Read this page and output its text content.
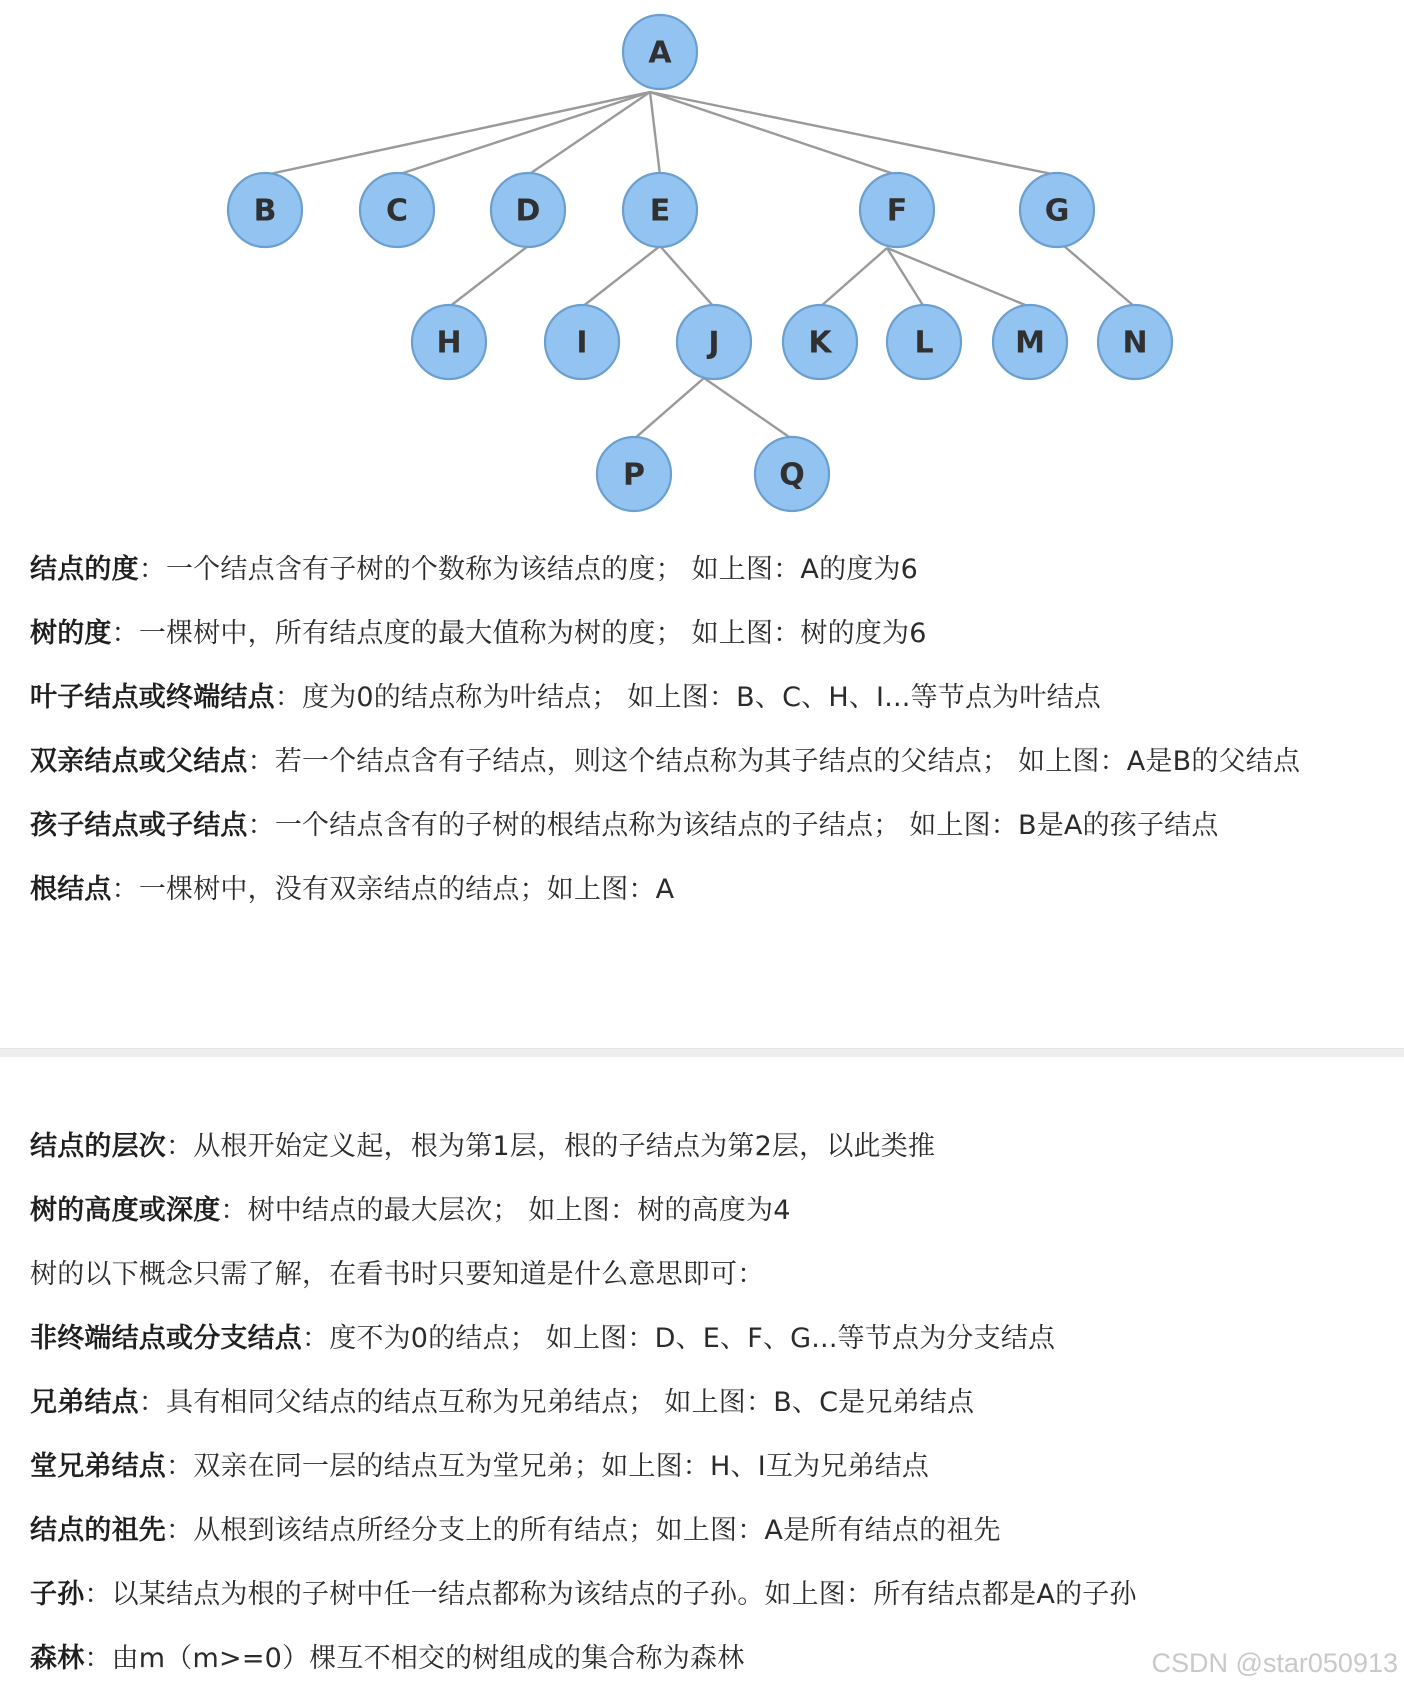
A
B	C	D	E	F	G
H	I	J	K	L	M	N
P	Q

结点的度：一个结点含有子树的个数称为该结点的度； 如上图：A的度为6

树的度：一棵树中，所有结点度的最大值称为树的度； 如上图：树的度为6

叶子结点或终端结点：度为0的结点称为叶结点； 如上图：B、C、H、I...等节点为叶结点

双亲结点或父结点：若一个结点含有子结点，则这个结点称为其子结点的父结点； 如上图：A是B的父结点

孩子结点或子结点：一个结点含有的子树的根结点称为该结点的子结点； 如上图：B是A的孩子结点

根结点：一棵树中，没有双亲结点的结点；如上图：A

结点的层次：从根开始定义起，根为第1层，根的子结点为第2层，以此类推

树的高度或深度：树中结点的最大层次； 如上图：树的高度为4

树的以下概念只需了解，在看书时只要知道是什么意思即可：

非终端结点或分支结点：度不为0的结点； 如上图：D、E、F、G...等节点为分支结点

兄弟结点：具有相同父结点的结点互称为兄弟结点； 如上图：B、C是兄弟结点

堂兄弟结点：双亲在同一层的结点互为堂兄弟；如上图：H、I互为兄弟结点

结点的祖先：从根到该结点所经分支上的所有结点；如上图：A是所有结点的祖先

子孙：以某结点为根的子树中任一结点都称为该结点的子孙。如上图：所有结点都是A的子孙

森林：由m（m>=0）棵互不相交的树组成的集合称为森林	CSDN @star050913
